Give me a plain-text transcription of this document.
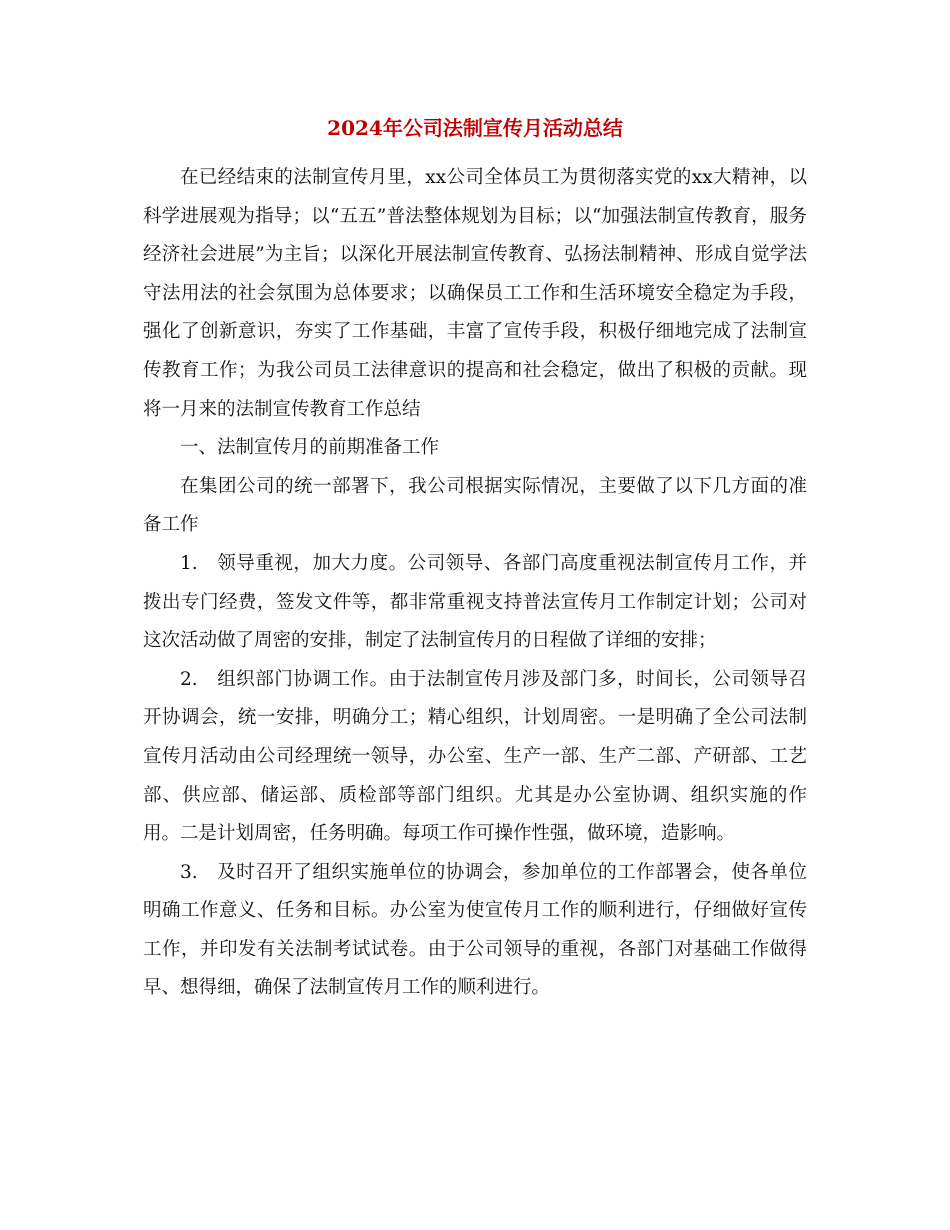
2024年公司法制宣传月活动总结

在已经结束的法制宣传月里，xx公司全体员工为贯彻落实党的xx大精神，以科学进展观为指导；以“五五”普法整体规划为目标；以“加强法制宣传教育，服务经济社会进展”为主旨；以深化开展法制宣传教育、弘扬法制精神、形成自觉学法守法用法的社会氛围为总体要求；以确保员工工作和生活环境安全稳定为手段，强化了创新意识，夯实了工作基础，丰富了宣传手段，积极仔细地完成了法制宣传教育工作；为我公司员工法律意识的提高和社会稳定，做出了积极的贡献。现将一月来的法制宣传教育工作总结

一、法制宣传月的前期准备工作

在集团公司的统一部署下，我公司根据实际情况，主要做了以下几方面的准备工作

1.　领导重视，加大力度。公司领导、各部门高度重视法制宣传月工作，并拨出专门经费，签发文件等，都非常重视支持普法宣传月工作制定计划；公司对这次活动做了周密的安排，制定了法制宣传月的日程做了详细的安排；

2.　组织部门协调工作。由于法制宣传月涉及部门多，时间长，公司领导召开协调会，统一安排，明确分工；精心组织，计划周密。一是明确了全公司法制宣传月活动由公司经理统一领导，办公室、生产一部、生产二部、产研部、工艺部、供应部、储运部、质检部等部门组织。尤其是办公室协调、组织实施的作用。二是计划周密，任务明确。每项工作可操作性强，做环境，造影响。

3.　及时召开了组织实施单位的协调会，参加单位的工作部署会，使各单位明确工作意义、任务和目标。办公室为使宣传月工作的顺利进行，仔细做好宣传工作，并印发有关法制考试试卷。由于公司领导的重视，各部门对基础工作做得早、想得细，确保了法制宣传月工作的顺利进行。
